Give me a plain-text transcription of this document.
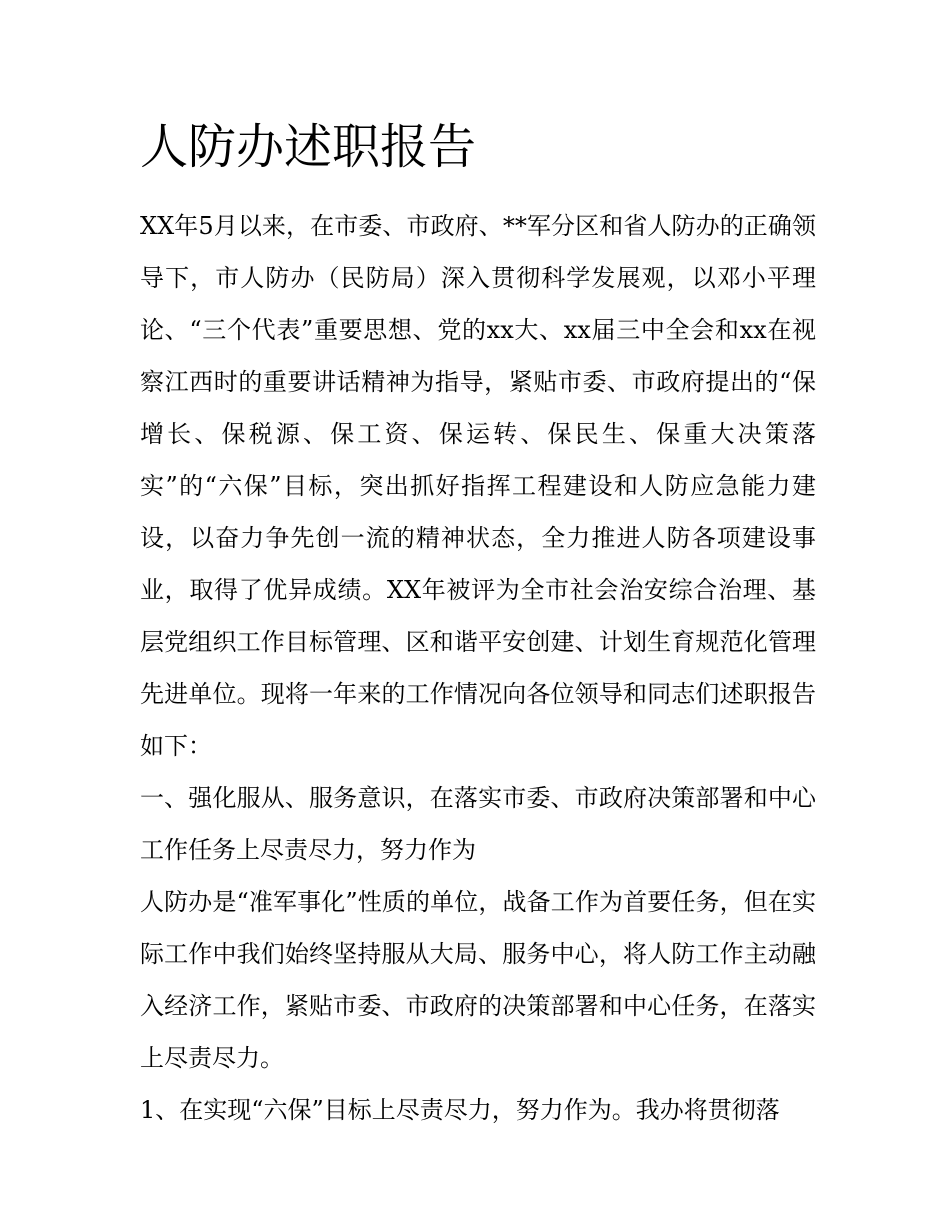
人防办述职报告

XX年5月以来，在市委、市政府、**军分区和省人防办的正确领导下，市人防办（民防局）深入贯彻科学发展观，以邓小平理论、“三个代表”重要思想、党的xx大、xx届三中全会和xx在视察江西时的重要讲话精神为指导，紧贴市委、市政府提出的“保增长、保税源、保工资、保运转、保民生、保重大决策落实”的“六保”目标，突出抓好指挥工程建设和人防应急能力建设，以奋力争先创一流的精神状态，全力推进人防各项建设事业，取得了优异成绩。XX年被评为全市社会治安综合治理、基层党组织工作目标管理、区和谐平安创建、计划生育规范化管理先进单位。现将一年来的工作情况向各位领导和同志们述职报告如下：

一、强化服从、服务意识，在落实市委、市政府决策部署和中心工作任务上尽责尽力，努力作为

人防办是“准军事化”性质的单位，战备工作为首要任务，但在实际工作中我们始终坚持服从大局、服务中心，将人防工作主动融入经济工作，紧贴市委、市政府的决策部署和中心任务，在落实上尽责尽力。

1、在实现“六保”目标上尽责尽力，努力作为。我办将贯彻落
